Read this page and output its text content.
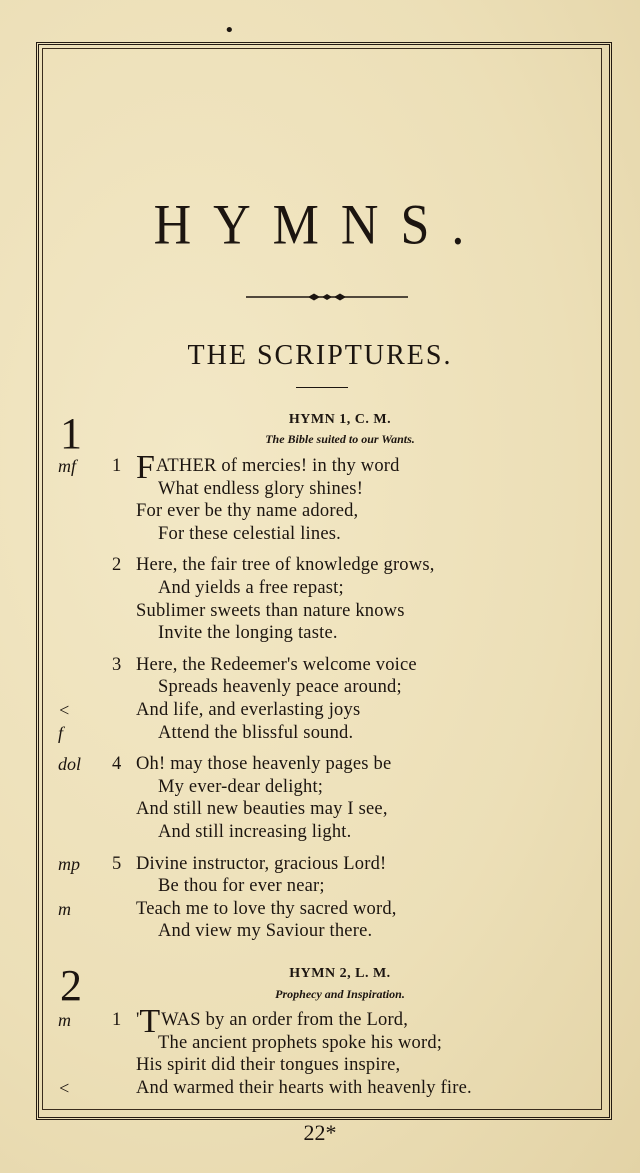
•
HYMNS.
THE SCRIPTURES.
1	HYMN 1, C. M.
The Bible suited to our Wants.
mf 1 FATHER of mercies! in thy word
What endless glory shines!
For ever be thy name adored,
For these celestial lines.
2 Here, the fair tree of knowledge grows,
And yields a free repast;
Sublimer sweets than nature knows
Invite the longing taste.
3 Here, the Redeemer's welcome voice
Spreads heavenly peace around;
<	And life, and everlasting joys
f	Attend the blissful sound.
dol 4 Oh! may those heavenly pages be
My ever-dear delight;
And still new beauties may I see,
And still increasing light.
mp 5 Divine instructor, gracious Lord!
Be thou for ever near;
m	Teach me to love thy sacred word,
And view my Saviour there.
2	HYMN 2, L. M.
Prophecy and Inspiration.
m 1 'TWAS by an order from the Lord,
The ancient prophets spoke his word;
His spirit did their tongues inspire,
<	And warmed their hearts with heavenly fire.
22*
